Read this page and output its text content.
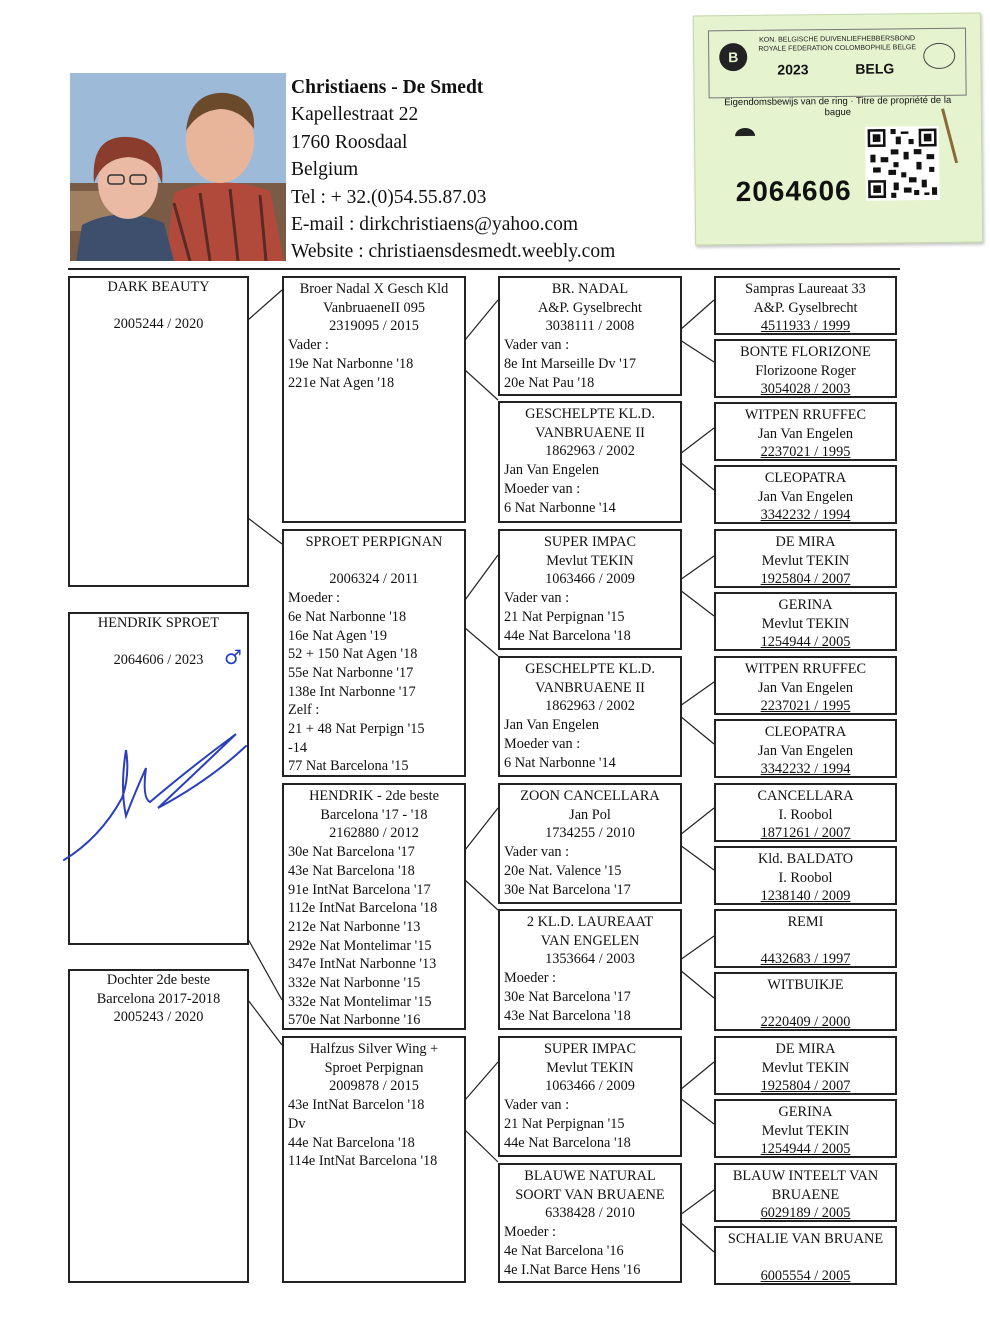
Christiaens - De Smedt
Kapellestraat 22
1760 Roosdaal
Belgium
Tel : + 32.(0)54.55.87.03
E-mail : dirkchristiaens@yahoo.com
Website : christiaensdesmedt.weebly.com
B
KON. BELGISCHE DUIVENLIEFHEBBERSBOND
ROYALE FEDERATION COLOMBOPHILE BELGE
2023	BELG
Eigendomsbewijs van de ring · Titre de propriété de la bague
2064606
DARK BEAUTY
2005244 / 2020
HENDRIK SPROET
2064606 / 2023
Dochter 2de beste
Barcelona 2017-2018
2005243 / 2020
Broer Nadal X Gesch Kld
VanbruaeneII 095
2319095 / 2015
Vader :
19e Nat Narbonne '18
221e Nat Agen '18
SPROET PERPIGNAN
2006324 / 2011
Moeder :
6e Nat Narbonne '18
16e Nat Agen '19
52 + 150 Nat Agen '18
55e Nat Narbonne '17
138e Int Narbonne '17
Zelf :
21 + 48 Nat Perpign '15
-14
77 Nat Barcelona '15
HENDRIK - 2de beste
Barcelona '17 - '18
2162880 / 2012
30e Nat Barcelona '17
43e Nat Barcelona '18
91e IntNat Barcelona '17
112e IntNat Barcelona '18
212e Nat Narbonne '13
292e Nat Montelimar '15
347e IntNat Narbonne '13
332e Nat Narbonne '15
332e Nat Montelimar '15
570e Nat Narbonne '16
Halfzus Silver Wing +
Sproet Perpignan
2009878 / 2015
43e IntNat Barcelon '18
Dv
44e Nat Barcelona '18
114e IntNat Barcelona '18
BR. NADAL
A&P. Gyselbrecht
3038111 / 2008
Vader van :
8e Int Marseille Dv '17
20e Nat Pau '18
GESCHELPTE KL.D.
VANBRUAENE II
1862963 / 2002
Jan Van Engelen
Moeder van :
6 Nat Narbonne '14
SUPER IMPAC
Mevlut TEKIN
1063466 / 2009
Vader van :
21 Nat Perpignan '15
44e Nat Barcelona '18
GESCHELPTE KL.D.
VANBRUAENE II
1862963 / 2002
Jan Van Engelen
Moeder van :
6 Nat Narbonne '14
ZOON CANCELLARA
Jan Pol
1734255 / 2010
Vader van :
20e Nat. Valence '15
30e Nat Barcelona '17
2 KL.D. LAUREAAT
VAN ENGELEN
1353664 / 2003
Moeder :
30e Nat Barcelona '17
43e Nat Barcelona '18
SUPER IMPAC
Mevlut TEKIN
1063466 / 2009
Vader van :
21 Nat Perpignan '15
44e Nat Barcelona '18
BLAUWE NATURAL
SOORT VAN BRUAENE
6338428 / 2010
Moeder :
4e Nat Barcelona '16
4e I.Nat Barce Hens '16
Sampras Laureaat 33
A&P. Gyselbrecht
4511933 / 1999
BONTE FLORIZONE
Florizoone Roger
3054028 / 2003
WITPEN RRUFFEC
Jan Van Engelen
2237021 / 1995
CLEOPATRA
Jan Van Engelen
3342232 / 1994
DE MIRA
Mevlut TEKIN
1925804 / 2007
GERINA
Mevlut TEKIN
1254944 / 2005
WITPEN RRUFFEC
Jan Van Engelen
2237021 / 1995
CLEOPATRA
Jan Van Engelen
3342232 / 1994
CANCELLARA
I. Roobol
1871261 / 2007
Kld. BALDATO
I. Roobol
1238140 / 2009
REMI
4432683 / 1997
WITBUIKJE
2220409 / 2000
DE MIRA
Mevlut TEKIN
1925804 / 2007
GERINA
Mevlut TEKIN
1254944 / 2005
BLAUW INTEELT VAN
BRUAENE
6029189 / 2005
SCHALIE VAN BRUANE
6005554 / 2005
♂
